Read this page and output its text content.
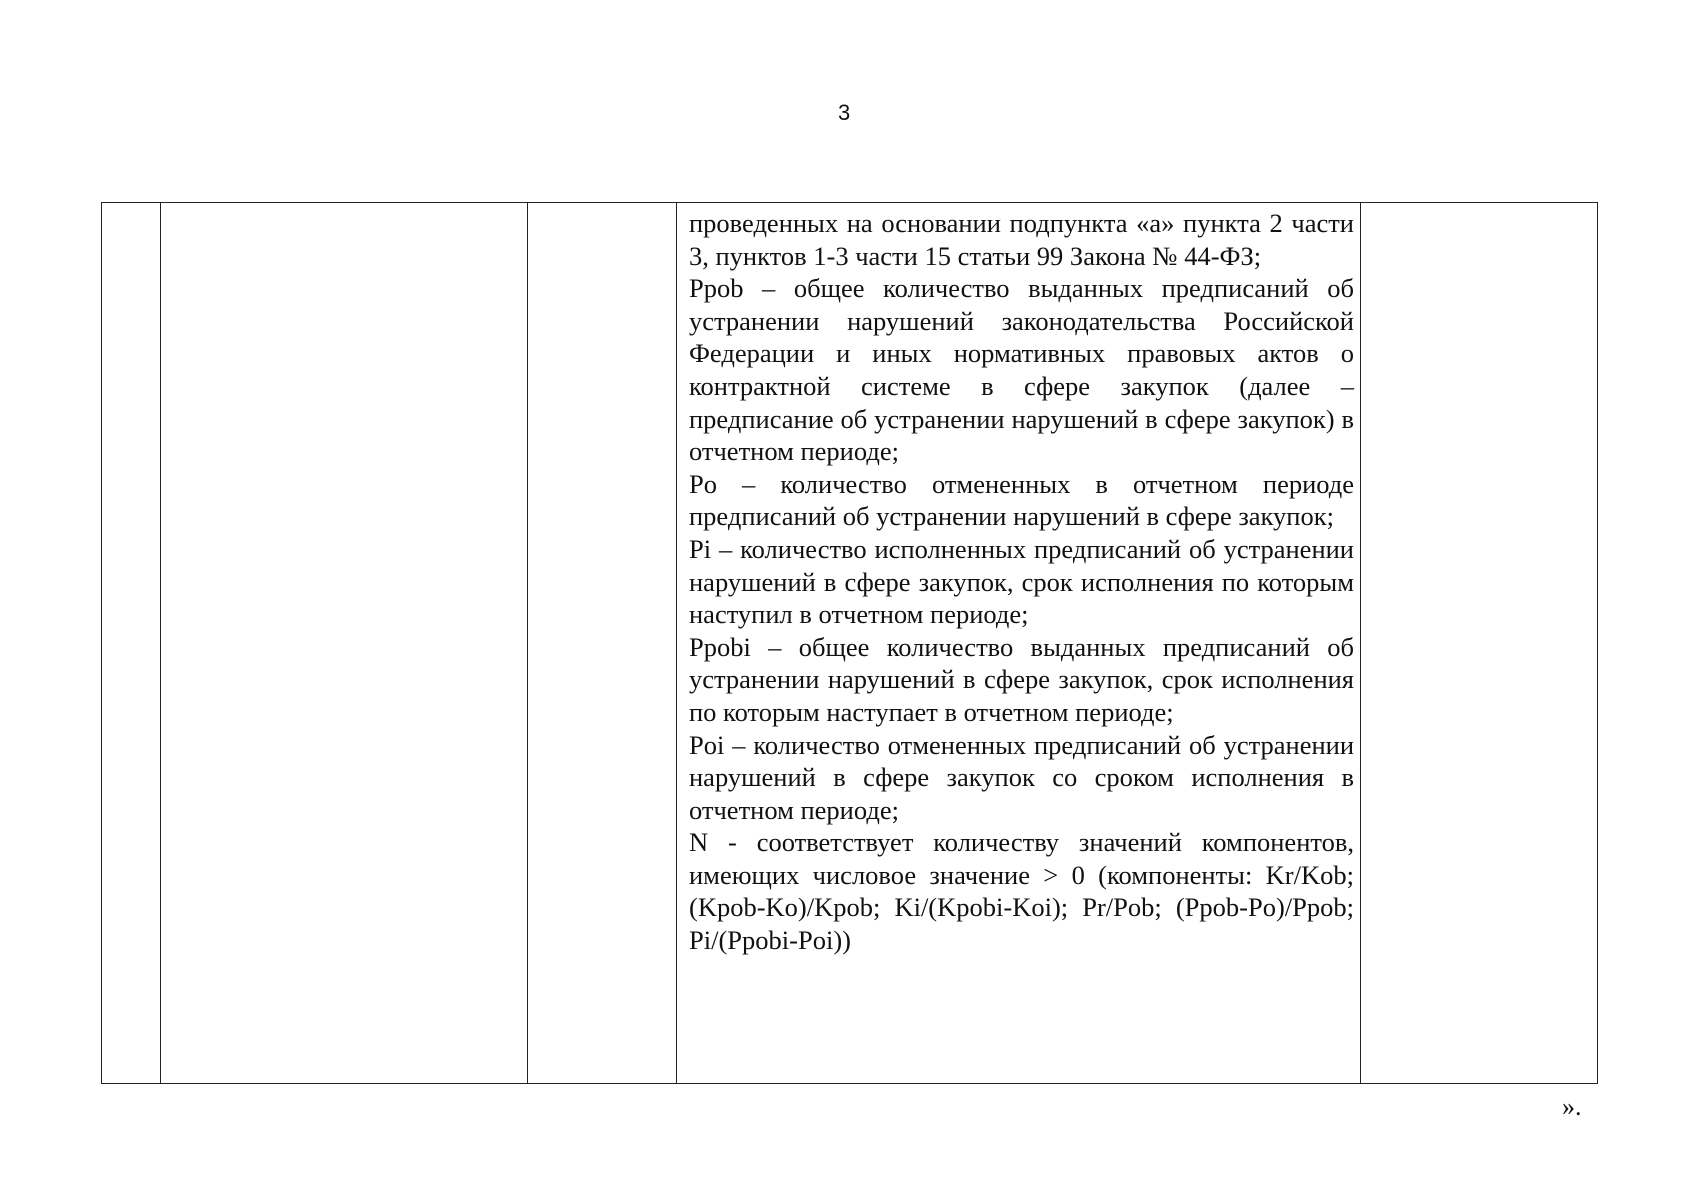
3

проведенных на основании подпункта «а» пункта 2 части 3, пунктов 1-3 части 15 статьи 99 Закона № 44-ФЗ;

Ppob – общее количество выданных предписаний об устранении нарушений законодательства Российской Федерации и иных нормативных правовых актов о контрактной системе в сфере закупок (далее – предписание об устранении нарушений в сфере закупок) в отчетном периоде;

Po – количество отмененных в отчетном периоде предписаний об устранении нарушений в сфере закупок;

Pi – количество исполненных предписаний об устранении нарушений в сфере закупок, срок исполнения по которым наступил в отчетном периоде;

Ppobi – общее количество выданных предписаний об устранении нарушений в сфере закупок, срок исполнения по которым наступает в отчетном периоде;

Poi – количество отмененных предписаний об устранении нарушений в сфере закупок со сроком исполнения в отчетном периоде;

N - соответствует количеству значений компонентов, имеющих числовое значение > 0 (компоненты: Kr/Kob; (Kpob-Ko)/Kpob; Ki/(Kpobi-Koi); Pr/Pob; (Ppob-Po)/Ppob; Pi/(Ppobi-Poi))

».
